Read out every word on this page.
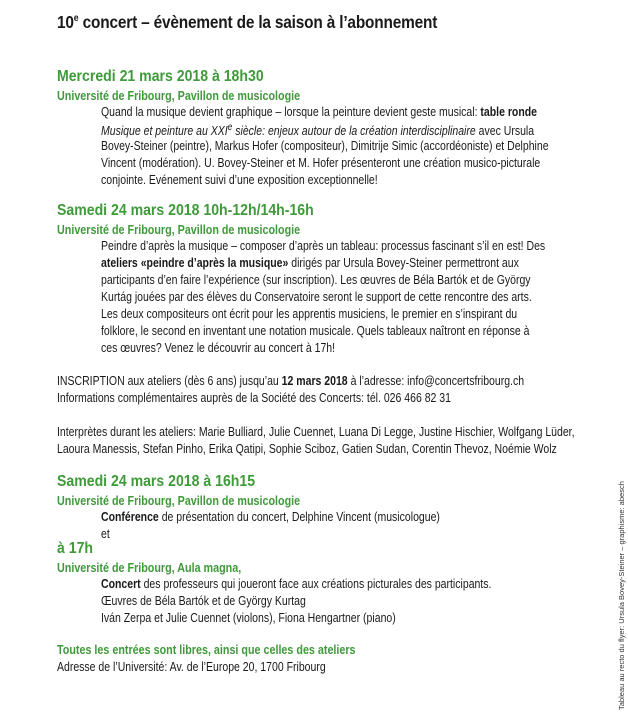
10e concert – évènement de la saison à l’abonnement
Mercredi 21 mars 2018 à 18h30
Université de Fribourg, Pavillon de musicologie
Quand la musique devient graphique – lorsque la peinture devient geste musical: table ronde
Musique et peinture au XXIe siècle: enjeux autour de la création interdisciplinaire avec Ursula
Bovey-Steiner (peintre), Markus Hofer (compositeur), Dimitrije Simic (accordéoniste) et Delphine
Vincent (modération). U. Bovey-Steiner et M. Hofer présenteront une création musico-picturale
conjointe. Evénement suivi d’une exposition exceptionnelle!
Samedi 24 mars 2018 10h-12h/14h-16h
Université de Fribourg, Pavillon de musicologie
Peindre d’après la musique – composer d’après un tableau: processus fascinant s’il en est! Des
ateliers «peindre d’après la musique» dirigés par Ursula Bovey-Steiner permettront aux
participants d’en faire l’expérience (sur inscription). Les œuvres de Béla Bartók et de György
Kurtág jouées par des élèves du Conservatoire seront le support de cette rencontre des arts.
Les deux compositeurs ont écrit pour les apprentis musiciens, le premier en s’inspirant du
folklore, le second en inventant une notation musicale. Quels tableaux naîtront en réponse à
ces œuvres? Venez le découvrir au concert à 17h!
INSCRIPTION aux ateliers (dès 6 ans) jusqu’au 12 mars 2018 à l’adresse: info@concertsfribourg.ch
Informations complémentaires auprès de la Société des Concerts: tél. 026 466 82 31
Interprètes durant les ateliers: Marie Bulliard, Julie Cuennet, Luana Di Legge, Justine Hischier, Wolfgang Lüder,
Laoura Manessis, Stefan Pinho, Erika Qatipi, Sophie Sciboz, Gatien Sudan, Corentin Thevoz, Noémie Wolz
Samedi 24 mars 2018 à 16h15
Université de Fribourg, Pavillon de musicologie
Conférence de présentation du concert, Delphine Vincent (musicologue)
et
à 17h
Université de Fribourg, Aula magna,
Concert des professeurs qui joueront face aux créations picturales des participants.
Œuvres de Béla Bartók et de György Kurtag
Iván Zerpa et Julie Cuennet (violons), Fiona Hengartner (piano)
Toutes les entrées sont libres, ainsi que celles des ateliers
Adresse de l’Université: Av. de l’Europe 20, 1700 Fribourg	Tableau au recto du flyer: Ursula Bovey-Steiner – graphisme: abesch
